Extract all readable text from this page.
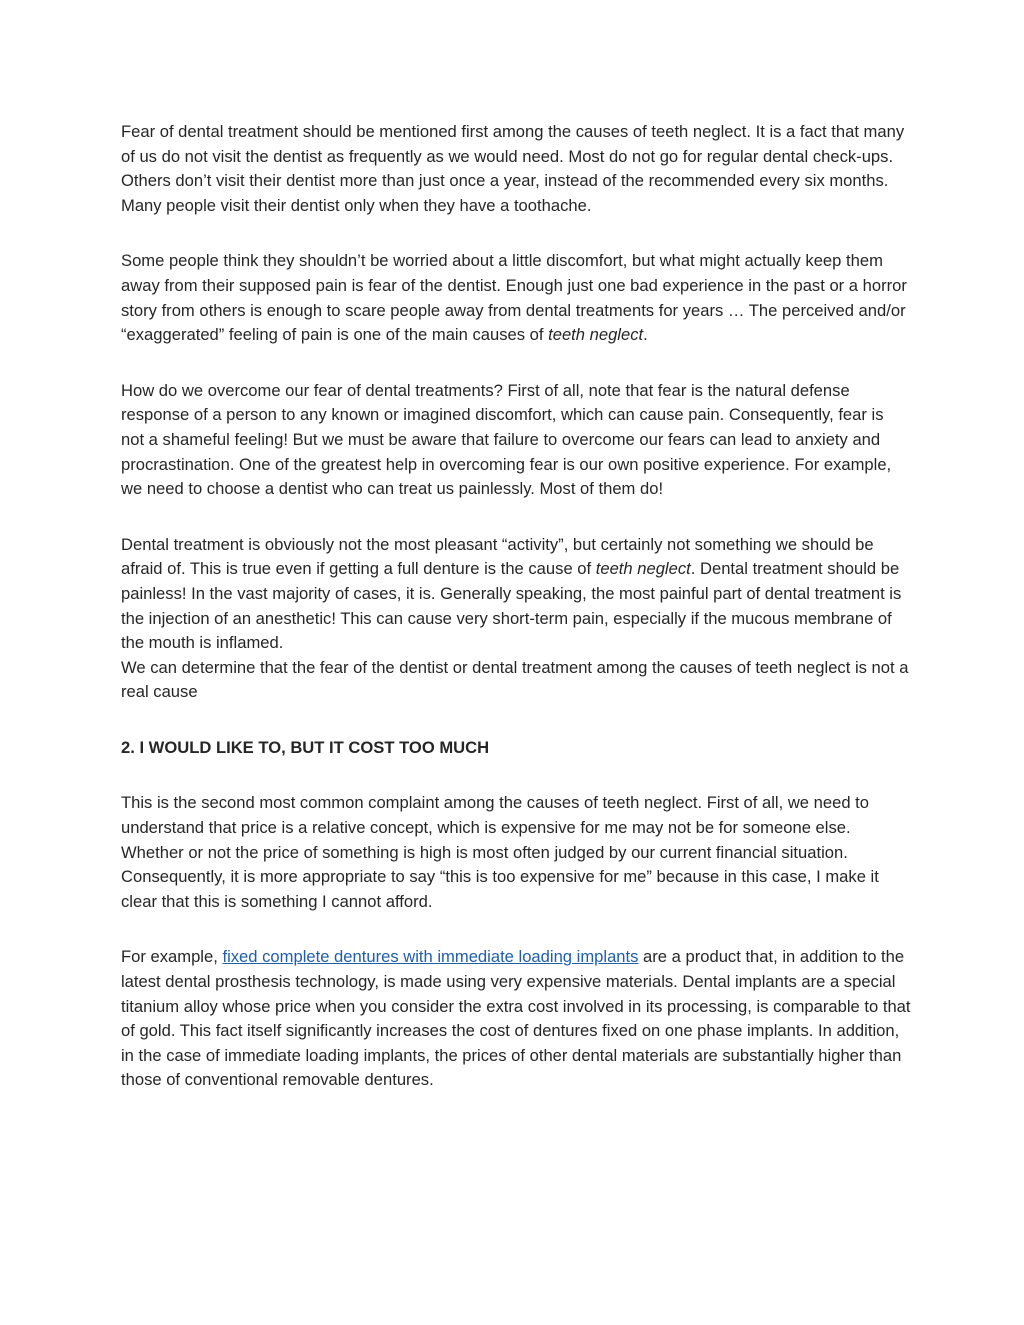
Fear of dental treatment should be mentioned first among the causes of teeth neglect. It is a fact that many of us do not visit the dentist as frequently as we would need. Most do not go for regular dental check-ups. Others don’t visit their dentist more than just once a year, instead of the recommended every six months. Many people visit their dentist only when they have a toothache.

Some people think they shouldn’t be worried about a little discomfort, but what might actually keep them away from their supposed pain is fear of the dentist. Enough just one bad experience in the past or a horror story from others is enough to scare people away from dental treatments for years … The perceived and/or “exaggerated” feeling of pain is one of the main causes of teeth neglect.

How do we overcome our fear of dental treatments? First of all, note that fear is the natural defense response of a person to any known or imagined discomfort, which can cause pain. Consequently, fear is not a shameful feeling! But we must be aware that failure to overcome our fears can lead to anxiety and procrastination. One of the greatest help in overcoming fear is our own positive experience. For example, we need to choose a dentist who can treat us painlessly. Most of them do!

Dental treatment is obviously not the most pleasant “activity”, but certainly not something we should be afraid of. This is true even if getting a full denture is the cause of teeth neglect. Dental treatment should be painless! In the vast majority of cases, it is. Generally speaking, the most painful part of dental treatment is the injection of an anesthetic! This can cause very short-term pain, especially if the mucous membrane of the mouth is inflamed.

We can determine that the fear of the dentist or dental treatment among the causes of teeth neglect is not a real cause

2. I WOULD LIKE TO, BUT IT COST TOO MUCH

This is the second most common complaint among the causes of teeth neglect. First of all, we need to understand that price is a relative concept, which is expensive for me may not be for someone else. Whether or not the price of something is high is most often judged by our current financial situation. Consequently, it is more appropriate to say “this is too expensive for me” because in this case, I make it clear that this is something I cannot afford.

For example, fixed complete dentures with immediate loading implants are a product that, in addition to the latest dental prosthesis technology, is made using very expensive materials. Dental implants are a special titanium alloy whose price when you consider the extra cost involved in its processing, is comparable to that of gold. This fact itself significantly increases the cost of dentures fixed on one phase implants. In addition, in the case of immediate loading implants, the prices of other dental materials are substantially higher than those of conventional removable dentures.
